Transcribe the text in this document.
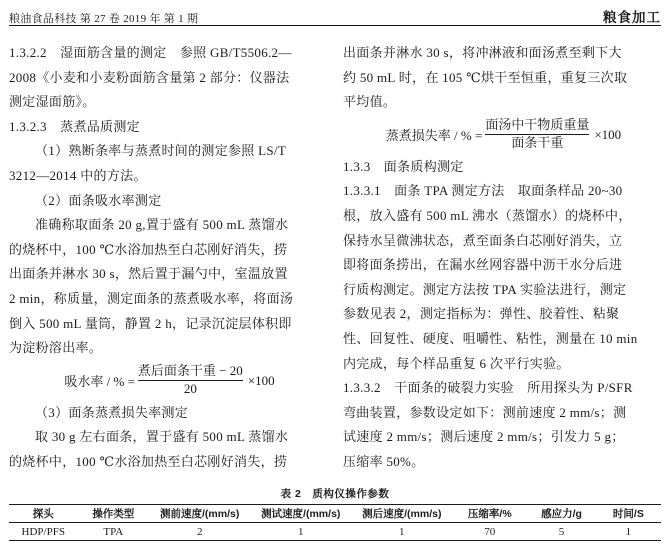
粮油食品科技 第 27 卷 2019 年 第 1 期	粮食加工
1.3.2.2　湿面筋含量的测定　参照 GB/T5506.2—
2008《小麦和小麦粉面筋含量第 2 部分：仪器法
测定湿面筋》。
1.3.2.3　蒸煮品质测定
（1）熟断条率与蒸煮时间的测定参照 LS/T
3212—2014 中的方法。
（2）面条吸水率测定
准确称取面条 20 g,置于盛有 500 mL 蒸馏水
的烧杯中，100 ℃水浴加热至白芯刚好消失，捞
出面条并淋水 30 s，然后置于漏勺中，室温放置
2 min，称质量，测定面条的蒸煮吸水率，将面汤
倒入 500 mL 量筒，静置 2 h，记录沉淀层体积即
为淀粉溶出率。
吸水率 / % = $\frac{\text{煮后面条干重 − 20}}{20} \times 100$
（3）面条蒸煮损失率测定
取 30 g 左右面条，置于盛有 500 mL 蒸馏水
的烧杯中，100 ℃水浴加热至白芯刚好消失，捞
出面条并淋水 30 s，将冲淋液和面汤煮至剩下大
约 50 mL 时，在 105 ℃烘干至恒重，重复三次取
平均值。
蒸煮损失率 / % = $\frac{\text{面汤中干物质重量}}{\text{面条干重}} \times 100$
1.3.3　面条质构测定
1.3.3.1　面条 TPA 测定方法　取面条样品 20~30
根，放入盛有 500 mL 沸水（蒸馏水）的烧杯中，
保持水呈微沸状态，煮至面条白芯刚好消失，立
即将面条捞出，在漏水丝网容器中沥干水分后进
行质构测定。测定方法按 TPA 实验法进行，测定
参数见表 2，测定指标为：弹性、胶着性、粘聚
性、回复性、硬度、咀嚼性、粘性，测量在 10 min
内完成，每个样品重复 6 次平行实验。
1.3.3.2　干面条的破裂力实验　所用探头为 P/SFR
弯曲装置，参数设定如下：测前速度 2 mm/s；测
试速度 2 mm/s；测后速度 2 mm/s；引发力 5 g；
压缩率 50%。
表 2　质构仪操作参数
探头	操作类型	测前速度/(mm/s)	测试速度/(mm/s)	测后速度/(mm/s)	压缩率/%	感应力/g	时间/S
HDP/PFS	TPA	2	1	1	70	5	1
